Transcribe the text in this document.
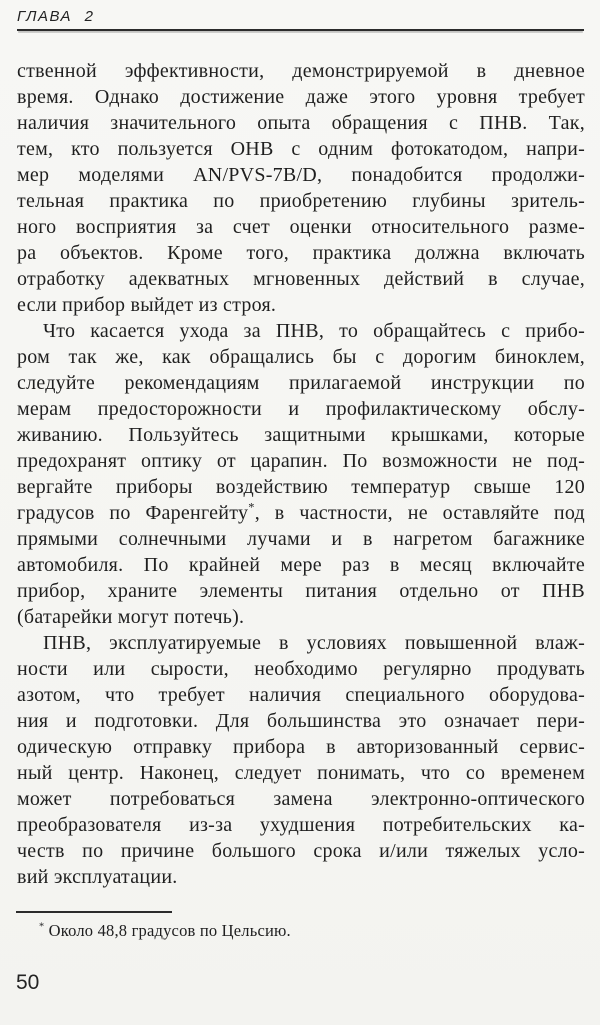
ГЛАВА 2
ственной эффективности, демонстрируемой в дневное
время. Однако достижение даже этого уровня требует
наличия значительного опыта обращения с ПНВ. Так,
тем, кто пользуется ОНВ с одним фотокатодом, напри-
мер моделями AN/PVS-7B/D, понадобится продолжи-
тельная практика по приобретению глубины зритель-
ного восприятия за счет оценки относительного разме-
ра объектов. Кроме того, практика должна включать
отработку адекватных мгновенных действий в случае,
если прибор выйдет из строя.
Что касается ухода за ПНВ, то обращайтесь с прибо-
ром так же, как обращались бы с дорогим биноклем,
следуйте рекомендациям прилагаемой инструкции по
мерам предосторожности и профилактическому обслу-
живанию. Пользуйтесь защитными крышками, которые
предохранят оптику от царапин. По возможности не под-
вергайте приборы воздействию температур свыше 120
градусов по Фаренгейту*, в частности, не оставляйте под
прямыми солнечными лучами и в нагретом багажнике
автомобиля. По крайней мере раз в месяц включайте
прибор, храните элементы питания отдельно от ПНВ
(батарейки могут потечь).
ПНВ, эксплуатируемые в условиях повышенной влаж-
ности или сырости, необходимо регулярно продувать
азотом, что требует наличия специального оборудова-
ния и подготовки. Для большинства это означает пери-
одическую отправку прибора в авторизованный сервис-
ный центр. Наконец, следует понимать, что со временем
может потребоваться замена электронно-оптического
преобразователя из-за ухудшения потребительских ка-
честв по причине большого срока и/или тяжелых усло-
вий эксплуатации.
* Около 48,8 градусов по Цельсию.
50
